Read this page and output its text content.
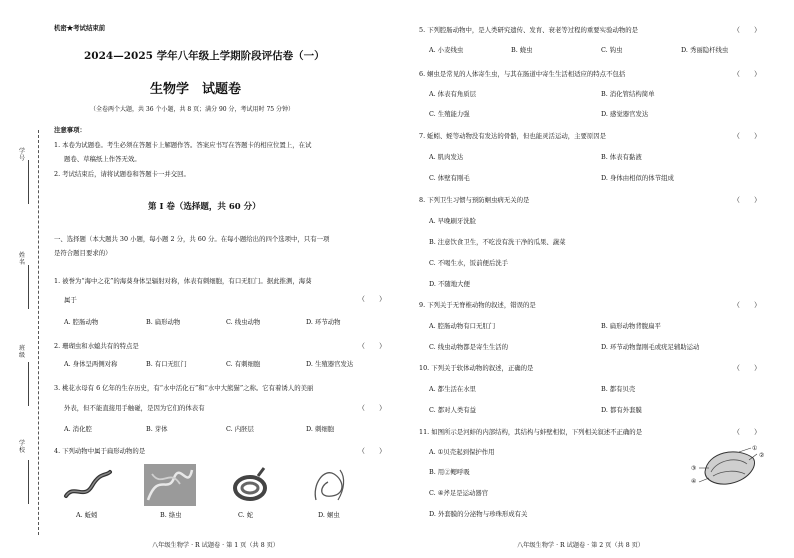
学号
姓名
班级
学校
机密★考试结束前
2024—2025 学年八年级上学期阶段评估卷（一）
生物学　试题卷
（全卷两个大题，共 36 个小题，共 8 页；满分 90 分，考试用时 75 分钟）
注意事项：
1. 本卷为试题卷。考生必须在答题卡上解题作答。答案应书写在答题卡的相应位置上，在试
题卷、草稿纸上作答无效。
2. 考试结束后，请将试题卷和答题卡一并交回。
第 Ⅰ 卷（选择题，共 60 分）
一、选择题（本大题共 30 小题，每小题 2 分，共 60 分。在每小题给出的四个选项中，只有一项
是符合题目要求的）
1. 被誉为“海中之花”的海葵身体呈辐射对称，体表有刺细胞，有口无肛门。据此推测，海葵
属于	（　　）
A. 腔肠动物	B. 扁形动物	C. 线虫动物	D. 环节动物
2. 珊瑚虫和水螅共有的特点是	（　　）
A. 身体呈两侧对称	B. 有口无肛门	C. 有刺细胞	D. 生殖器官发达
3. 桃花水母有 6 亿年的生存历史，有“水中活化石”和“水中大熊猫”之称。它有着诱人的美丽
外表，但不能直接用手触碰，是因为它们的体表有	（　　）
A. 消化腔	B. 芽体	C. 内胚层	D. 刺细胞
4. 下列动物中属于扁形动物的是	（　　）
A. 蚯蚓	B. 绦虫	C. 蛇	D. 蛔虫
八年级生物学 · R 试题卷 · 第 1 页（共 8 页）
5. 下列腔肠动物中，是人类研究遗传、发育、衰老等过程的重要实验动物的是	（　　）
A. 小麦线虫	B. 蛲虫	C. 钩虫	D. 秀丽隐杆线虫
6. 蛔虫是常见的人体寄生虫，与其在肠道中寄生生活相适应的特点不包括	（　　）
A. 体表有角质层	B. 消化管结构简单
C. 生殖能力强	D. 感觉器官发达
7. 蚯蚓、蛭等动物没有发达的骨骼，但也能灵活运动，主要原因是	（　　）
A. 肌肉发达	B. 体表有黏液
C. 体壁有刚毛	D. 身体由相似的体节组成
8. 下列卫生习惯与预防蛔虫病无关的是	（　　）
A. 早晚刷牙洗脸
B. 注意饮食卫生，不吃没有洗干净的瓜果、蔬菜
C. 不喝生水，饭前便后洗手
D. 不随地大便
9. 下列关于无脊椎动物的叙述，错误的是	（　　）
A. 腔肠动物有口无肛门	B. 扁形动物背腹扁平
C. 线虫动物都是寄生生活的	D. 环节动物靠刚毛或疣足辅助运动
10. 下列关于软体动物的叙述，正确的是	（　　）
A. 都生活在水里	B. 都有贝壳
C. 都对人类有益	D. 都有外套膜
11. 如图所示是河蚌的内部结构，其结构与蚌壁相似，下列相关叙述不正确的是	（　　）
A. ①贝壳起到保护作用
B. 用②鳃呼吸
C. ④斧足是运动器官
D. 外套膜的分泌物与珍珠形成有关
①
②
③
④
八年级生物学 · R 试题卷 · 第 2 页（共 8 页）
